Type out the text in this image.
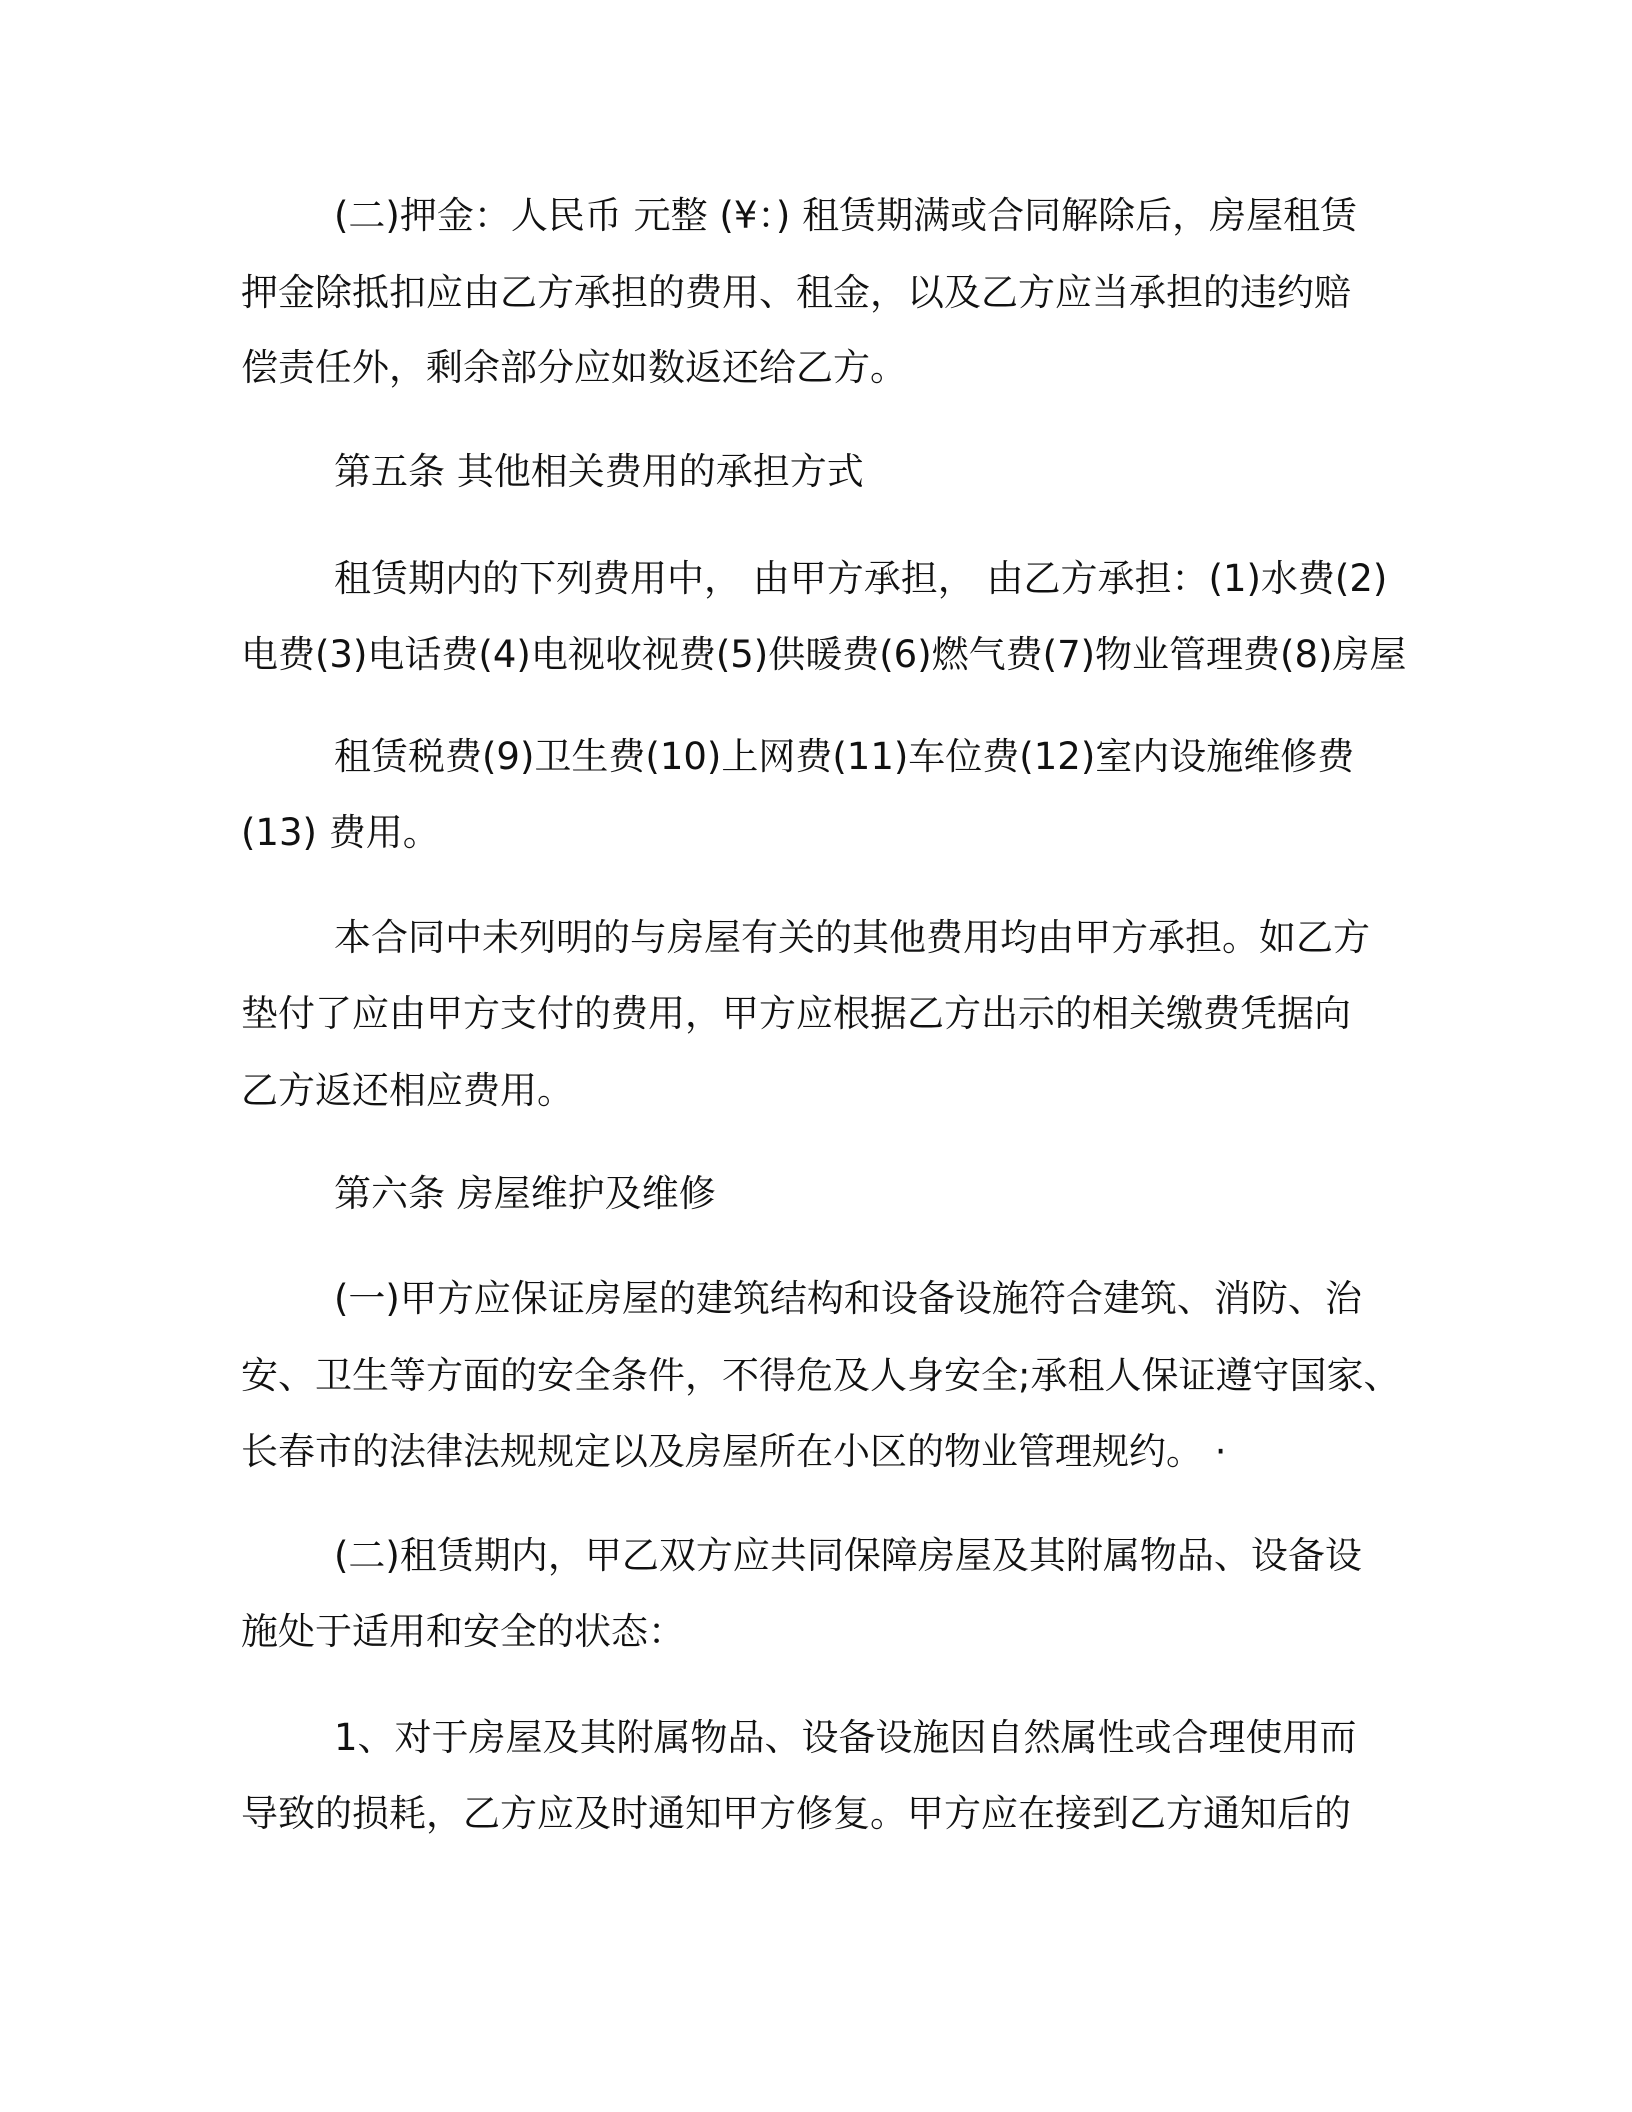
(二)押金：人民币 元整 (¥：) 租赁期满或合同解除后，房屋租赁

押金除抵扣应由乙方承担的费用、租金，以及乙方应当承担的违约赔

偿责任外，剩余部分应如数返还给乙方。

第五条 其他相关费用的承担方式

租赁期内的下列费用中， 由甲方承担， 由乙方承担：(1)水费(2)

电费(3)电话费(4)电视收视费(5)供暖费(6)燃气费(7)物业管理费(8)房屋

租赁税费(9)卫生费(10)上网费(11)车位费(12)室内设施维修费

(13) 费用。

本合同中未列明的与房屋有关的其他费用均由甲方承担。如乙方

垫付了应由甲方支付的费用，甲方应根据乙方出示的相关缴费凭据向

乙方返还相应费用。

第六条 房屋维护及维修

(一)甲方应保证房屋的建筑结构和设备设施符合建筑、消防、治

安、卫生等方面的安全条件，不得危及人身安全;承租人保证遵守国家、

长春市的法律法规规定以及房屋所在小区的物业管理规约。 ·

(二)租赁期内，甲乙双方应共同保障房屋及其附属物品、设备设

施处于适用和安全的状态：

1、对于房屋及其附属物品、设备设施因自然属性或合理使用而

导致的损耗，乙方应及时通知甲方修复。甲方应在接到乙方通知后的
